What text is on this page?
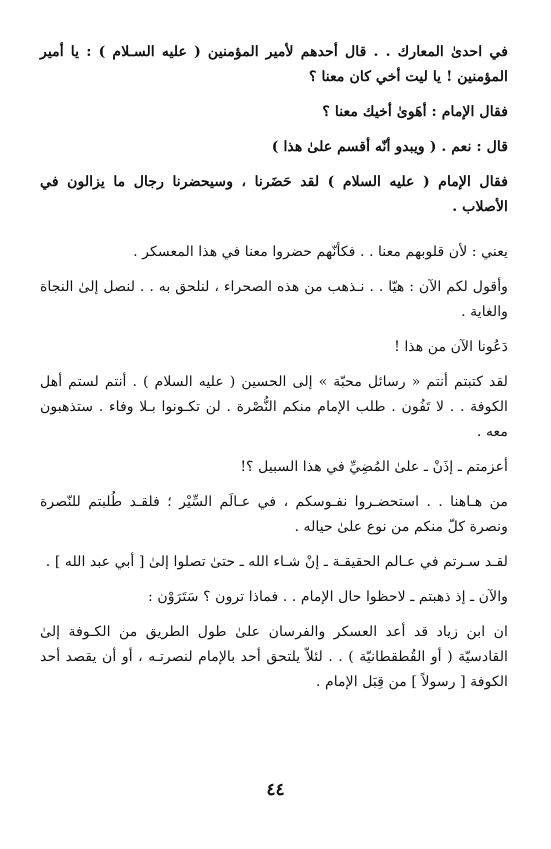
في احدىٰ المعارك . . قال أحدهم لأمير المؤمنين ( عليه السـلام ) : يا أمير المؤمنين ! يا ليت أخي كان معنا ؟

فقال الإمام : أهَوىٰ أخيك معنا ؟

قال : نعم . ( ويبدو أنّه أقسم علىٰ هذا )

فقال الإمام ( عليه السلام ) لقد حَضَرنا ، وسيحضرنا رجال ما يزالون في الأصلاب .

يعني : لأن قلوبهم معنا . . فكأنّهم حضروا معنا في هذا المعسكر .

وأقول لكم الآن : هيّا . . نـذهب من هذه الصحراء ، لنلحق به . . لنصل إلىٰ النجاة والغاية .

دَعُونا الآن من هذا !

لقد كتبتم أنتم « رسائل محبّة » إلى الحسين ( عليه السلام ) . أنتم لستم أهل الكوفة . . لا تَفُون . طلب الإمام منكم النُّصْرة . لن تكـونوا بـلا وفاء . ستذهبون معه .

أعزمتم ـ إذَنْ ـ علىٰ المُضِيِّ في هذا السبيل ؟!

من هـاهنا . . استحضـروا نفـوسكم ، في عـالَم السِّيْر ؛ فلقـد طُلبتم للنّصرة ونصرة كلّ منكم من نوع علىٰ حياله .

لقـد سـرتم في عـالم الحقيقـة ـ إنْ شـاء الله ـ حتىٰ تصلوا إلىٰ [ أبي عبد الله ] .

والآن ـ إذ ذهبتم ـ لاحظوا حال الإمام . . فماذا ترون ؟ سَتَرَوْن :

ان ابن زياد قد أعد العسكر والفرسان علىٰ طول الطريق من الكـوفة إلىٰ القادسيّة ( أو القُطقطانيّة ) . . لئلاّ يلتحق أحد بالإمام لنصرتـه ، أو أن يقصد أحد الكوفة [ رسولاً ] من قِبَل الإمام .

٤٤
